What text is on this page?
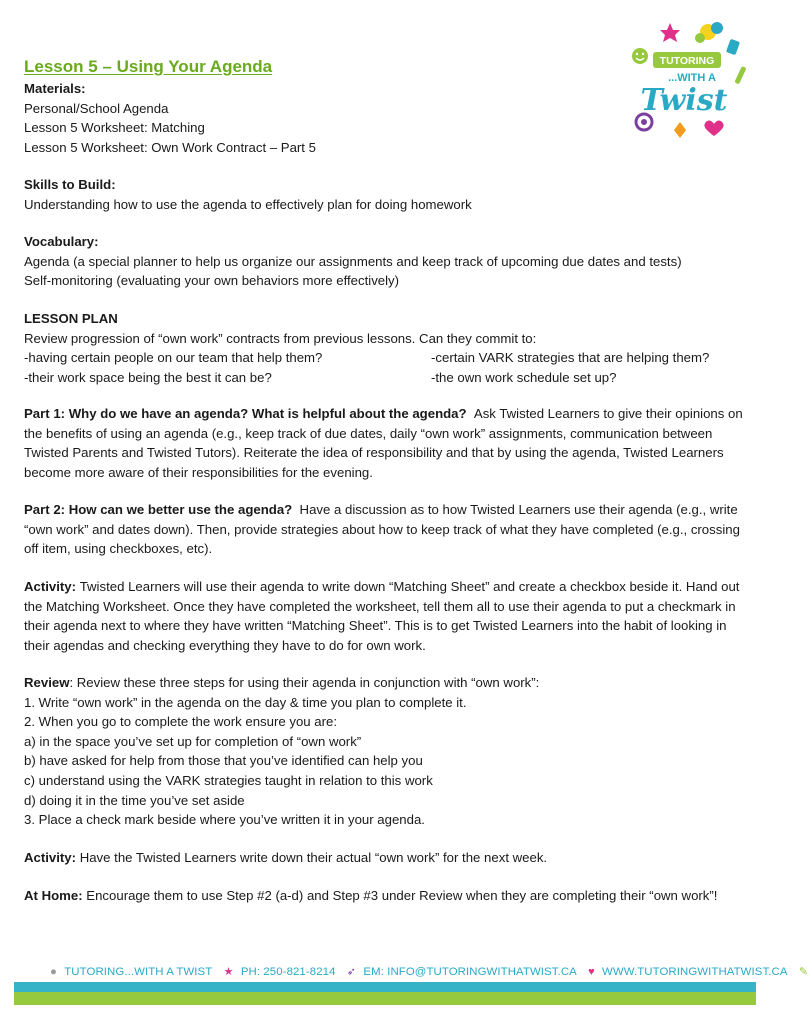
Lesson 5 – Using Your Agenda	TUTORING
...WITH A
Twist
Materials:
Personal/School Agenda
Lesson 5 Worksheet: Matching
Lesson 5 Worksheet: Own Work Contract – Part 5
Skills to Build:
Understanding how to use the agenda to effectively plan for doing homework
Vocabulary:
Agenda (a special planner to help us organize our assignments and keep track of upcoming due dates and tests)
Self-monitoring (evaluating your own behaviors more effectively)
LESSON PLAN
Review progression of “own work” contracts from previous lessons. Can they commit to:
-having certain people on our team that help them?	-certain VARK strategies that are helping them?
-their work space being the best it can be?	-the own work schedule set up?
Part 1: Why do we have an agenda? What is helpful about the agenda? Ask Twisted Learners to give their opinions on the benefits of using an agenda (e.g., keep track of due dates, daily “own work” assignments, communication between Twisted Parents and Twisted Tutors). Reiterate the idea of responsibility and that by using the agenda, Twisted Learners become more aware of their responsibilities for the evening.
Part 2: How can we better use the agenda? Have a discussion as to how Twisted Learners use their agenda (e.g., write “own work” and dates down). Then, provide strategies about how to keep track of what they have completed (e.g., crossing off item, using checkboxes, etc).
Activity: Twisted Learners will use their agenda to write down “Matching Sheet” and create a checkbox beside it. Hand out the Matching Worksheet. Once they have completed the worksheet, tell them all to use their agenda to put a checkmark in their agenda next to where they have written “Matching Sheet”. This is to get Twisted Learners into the habit of looking in their agendas and checking everything they have to do for own work.
Review: Review these three steps for using their agenda in conjunction with “own work”:
1. Write “own work” in the agenda on the day & time you plan to complete it.
2. When you go to complete the work ensure you are:
a) in the space you’ve set up for completion of “own work”
b) have asked for help from those that you’ve identified can help you
c) understand using the VARK strategies taught in relation to this work
d) doing it in the time you’ve set aside
3. Place a check mark beside where you’ve written it in your agenda.
Activity: Have the Twisted Learners write down their actual “own work” for the next week.
At Home: Encourage them to use Step #2 (a-d) and Step #3 under Review when they are completing their “own work”!
● TUTORING...WITH A TWIST ★ PH: 250-821-8214 ➶ EM: INFO@TUTORINGWITHATWIST.CA ♥ WWW.TUTORINGWITHATWIST.CA ✎
